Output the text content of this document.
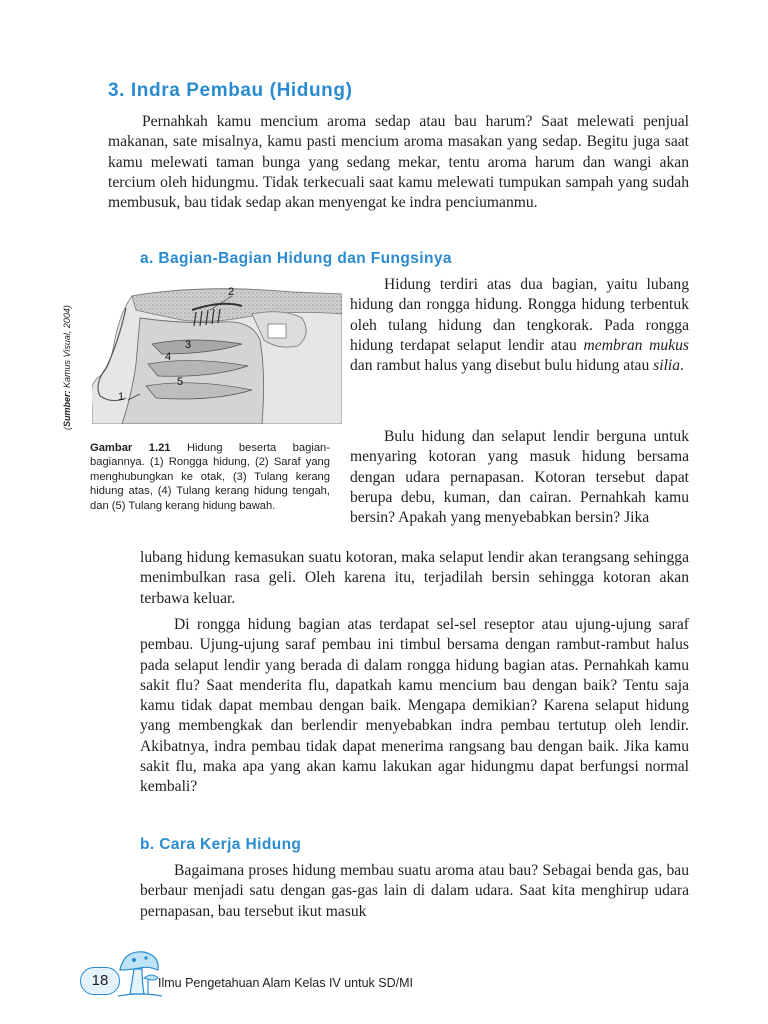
3. Indra Pembau (Hidung)

Pernahkah kamu mencium aroma sedap atau bau harum? Saat melewati penjual makanan, sate misalnya, kamu pasti mencium aroma masakan yang sedap. Begitu juga saat kamu melewati taman bunga yang sedang mekar, tentu aroma harum dan wangi akan tercium oleh hidungmu. Tidak terkecuali saat kamu melewati tumpukan sampah yang sudah membusuk, bau tidak sedap akan menyengat ke indra penciumanmu.

a. Bagian-Bagian Hidung dan Fungsinya
2
3
4
5
1
(Sumber: Kamus Visual, 2004)

Gambar 1.21 Hidung beserta bagian-bagiannya. (1) Rongga hidung, (2) Saraf yang menghubungkan ke otak, (3) Tulang kerang hidung atas, (4) Tulang kerang hidung tengah, dan (5) Tulang kerang hidung bawah.

Hidung terdiri atas dua bagian, yaitu lubang hidung dan rongga hidung. Rongga hidung terbentuk oleh tulang hidung dan tengkorak. Pada rongga hidung terdapat selaput lendir atau membran mukus dan rambut halus yang disebut bulu hidung atau silia.

Bulu hidung dan selaput lendir berguna untuk menyaring kotoran yang masuk hidung bersama dengan udara pernapasan. Kotoran tersebut dapat berupa debu, kuman, dan cairan. Pernahkah kamu bersin? Apakah yang menyebabkan bersin? Jika

lubang hidung kemasukan suatu kotoran, maka selaput lendir akan terangsang sehingga menimbulkan rasa geli. Oleh karena itu, terjadilah bersin sehingga kotoran akan terbawa keluar.

Di rongga hidung bagian atas terdapat sel-sel reseptor atau ujung-ujung saraf pembau. Ujung-ujung saraf pembau ini timbul bersama dengan rambut-rambut halus pada selaput lendir yang berada di dalam rongga hidung bagian atas. Pernahkah kamu sakit flu? Saat menderita flu, dapatkah kamu mencium bau dengan baik? Tentu saja kamu tidak dapat membau dengan baik. Mengapa demikian? Karena selaput hidung yang membengkak dan berlendir menyebabkan indra pembau tertutup oleh lendir. Akibatnya, indra pembau tidak dapat menerima rangsang bau dengan baik. Jika kamu sakit flu, maka apa yang akan kamu lakukan agar hidungmu dapat berfungsi normal kembali?

b. Cara Kerja Hidung

Bagaimana proses hidung membau suatu aroma atau bau? Sebagai benda gas, bau berbaur menjadi satu dengan gas-gas lain di dalam udara. Saat kita menghirup udara pernapasan, bau tersebut ikut masuk

18	Ilmu Pengetahuan Alam Kelas IV untuk SD/MI
